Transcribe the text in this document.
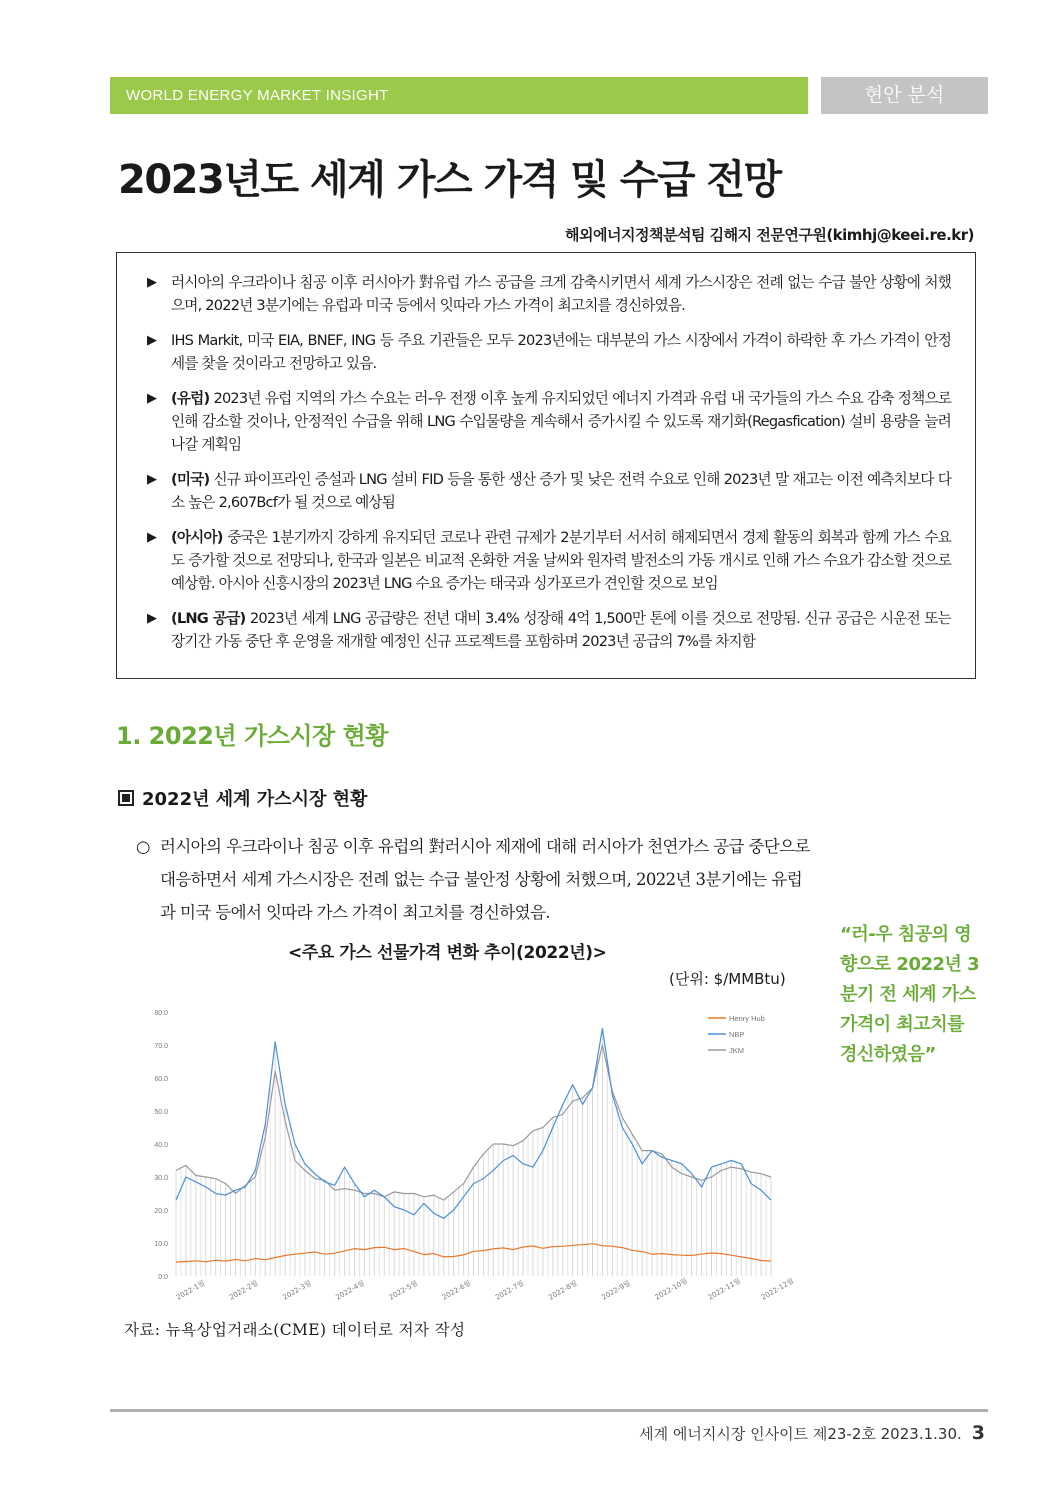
WORLD ENERGY MARKET INSIGHT	현안 분석
2023년도 세계 가스 가격 및 수급 전망
해외에너지정책분석팀 김해지 전문연구원(kimhj@keei.re.kr)
▶ 러시아의 우크라이나 침공 이후 러시아가 對유럽 가스 공급을 크게 감축시키면서 세계 가스시장은 전례 없는 수급 불안 상황에 처했으며, 2022년 3분기에는 유럽과 미국 등에서 잇따라 가스 가격이 최고치를 경신하였음.
▶ IHS Markit, 미국 EIA, BNEF, ING 등 주요 기관들은 모두 2023년에는 대부분의 가스 시장에서 가격이 하락한 후 가스 가격이 안정세를 찾을 것이라고 전망하고 있음.
▶ (유럽) 2023년 유럽 지역의 가스 수요는 러-우 전쟁 이후 높게 유지되었던 에너지 가격과 유럽 내 국가들의 가스 수요 감축 정책으로 인해 감소할 것이나, 안정적인 수급을 위해 LNG 수입물량을 계속해서 증가시킬 수 있도록 재기화(Regasfication) 설비 용량을 늘려나갈 계획임
▶ (미국) 신규 파이프라인 증설과 LNG 설비 FID 등을 통한 생산 증가 및 낮은 전력 수요로 인해 2023년 말 재고는 이전 예측치보다 다소 높은 2,607Bcf가 될 것으로 예상됨
▶ (아시아) 중국은 1분기까지 강하게 유지되던 코로나 관련 규제가 2분기부터 서서히 해제되면서 경제 활동의 회복과 함께 가스 수요도 증가할 것으로 전망되나, 한국과 일본은 비교적 온화한 겨울 날씨와 원자력 발전소의 가동 개시로 인해 가스 수요가 감소할 것으로 예상함. 아시아 신흥시장의 2023년 LNG 수요 증가는 태국과 싱가포르가 견인할 것으로 보임
▶ (LNG 공급) 2023년 세계 LNG 공급량은 전년 대비 3.4% 성장해 4억 1,500만 톤에 이를 것으로 전망됨. 신규 공급은 시운전 또는 장기간 가동 중단 후 운영을 재개할 예정인 신규 프로젝트를 포함하며 2023년 공급의 7%를 차지함
1. 2022년 가스시장 현황
2022년 세계 가스시장 현황
○ 러시아의 우크라이나 침공 이후 유럽의 對러시아 제재에 대해 러시아가 천연가스 공급 중단으로 대응하면서 세계 가스시장은 전례 없는 수급 불안정 상황에 처했으며, 2022년 3분기에는 유럽과 미국 등에서 잇따라 가스 가격이 최고치를 경신하였음.
<주요 가스 선물가격 변화 추이(2022년)>
(단위: $/MMBtu)
“러-우 침공의 영향으로 2022년 3분기 전 세계 가스 가격이 최고치를 경신하였음”
0.0
10.0
20.0
30.0
40.0
50.0
60.0
70.0
80.0
2022-1월	2022-2월	2022-3월	2022-4월	2022-5월	2022-6월	2022-7월	2022-8월	2022-9월	2022-10월	2022-11월	2022-12월
Henry Hub
NBP
JKM
자료: 뉴욕상업거래소(CME) 데이터로 저자 작성
세계 에너지시장 인사이트 제23-2호 2023.1.30. 3
